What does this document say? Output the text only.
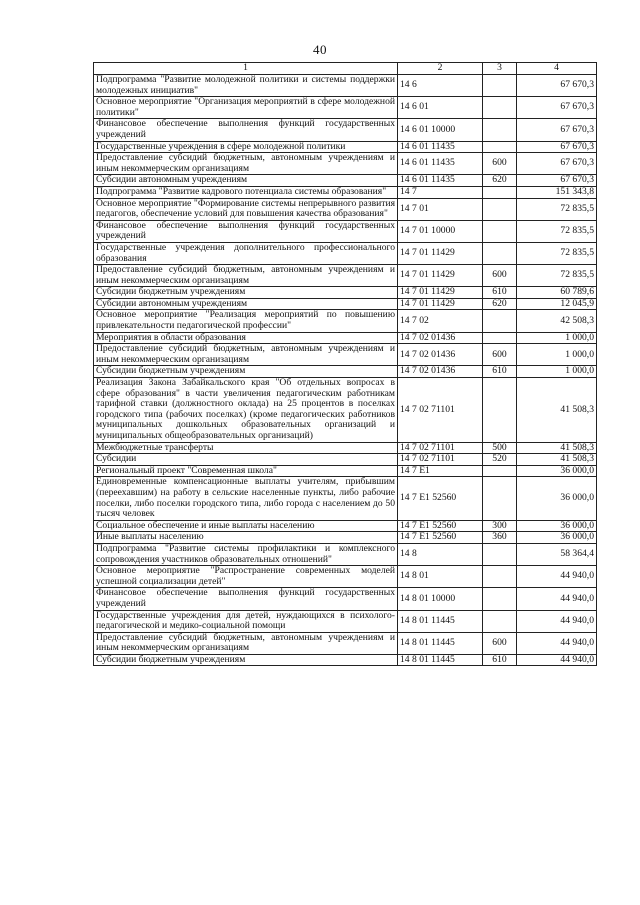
40
1	2	3	4
Подпрограмма "Развитие молодежной политики и системы поддержки молодежных инициатив"	14 6		67 670,3
Основное мероприятие "Организация мероприятий в сфере молодежной политики"	14 6 01		67 670,3
Финансовое обеспечение выполнения функций государственных учреждений	14 6 01 10000		67 670,3
Государственные учреждения в сфере молодежной политики	14 6 01 11435		67 670,3
Предоставление субсидий бюджетным, автономным учреждениям и иным некоммерческим организациям	14 6 01 11435	600	67 670,3
Субсидии автономным учреждениям	14 6 01 11435	620	67 670,3
Подпрограмма "Развитие кадрового потенциала системы образования"	14 7		151 343,8
Основное мероприятие "Формирование системы непрерывного развития педагогов, обеспечение условий для повышения качества образования"	14 7 01		72 835,5
Финансовое обеспечение выполнения функций государственных учреждений	14 7 01 10000		72 835,5
Государственные учреждения дополнительного профессионального образования	14 7 01 11429		72 835,5
Предоставление субсидий бюджетным, автономным учреждениям и иным некоммерческим организациям	14 7 01 11429	600	72 835,5
Субсидии бюджетным учреждениям	14 7 01 11429	610	60 789,6
Субсидии автономным учреждениям	14 7 01 11429	620	12 045,9
Основное мероприятие "Реализация мероприятий по повышению привлекательности педагогической профессии"	14 7 02		42 508,3
Мероприятия в области образования	14 7 02 01436		1 000,0
Предоставление субсидий бюджетным, автономным учреждениям и иным некоммерческим организациям	14 7 02 01436	600	1 000,0
Субсидии бюджетным учреждениям	14 7 02 01436	610	1 000,0
Реализация Закона Забайкальского края "Об отдельных вопросах в сфере образования" в части увеличения педагогическим работникам тарифной ставки (должностного оклада) на 25 процентов в поселках городского типа (рабочих поселках) (кроме педагогических работников муниципальных дошкольных образовательных организаций и муниципальных общеобразовательных организаций)	14 7 02 71101		41 508,3
Межбюджетные трансферты	14 7 02 71101	500	41 508,3
Субсидии	14 7 02 71101	520	41 508,3
Региональный проект "Современная школа"	14 7 E1		36 000,0
Единовременные компенсационные выплаты учителям, прибывшим (переехавшим) на работу в сельские населенные пункты, либо рабочие поселки, либо поселки городского типа, либо города с населением до 50 тысяч человек	14 7 E1 52560		36 000,0
Социальное обеспечение и иные выплаты населению	14 7 E1 52560	300	36 000,0
Иные выплаты населению	14 7 E1 52560	360	36 000,0
Подпрограмма "Развитие системы профилактики и комплексного сопровождения участников образовательных отношений"	14 8		58 364,4
Основное мероприятие "Распространение современных моделей успешной социализации детей"	14 8 01		44 940,0
Финансовое обеспечение выполнения функций государственных учреждений	14 8 01 10000		44 940,0
Государственные учреждения для детей, нуждающихся в психолого-педагогической и медико-социальной помощи	14 8 01 11445		44 940,0
Предоставление субсидий бюджетным, автономным учреждениям и иным некоммерческим организациям	14 8 01 11445	600	44 940,0
Субсидии бюджетным учреждениям	14 8 01 11445	610	44 940,0
